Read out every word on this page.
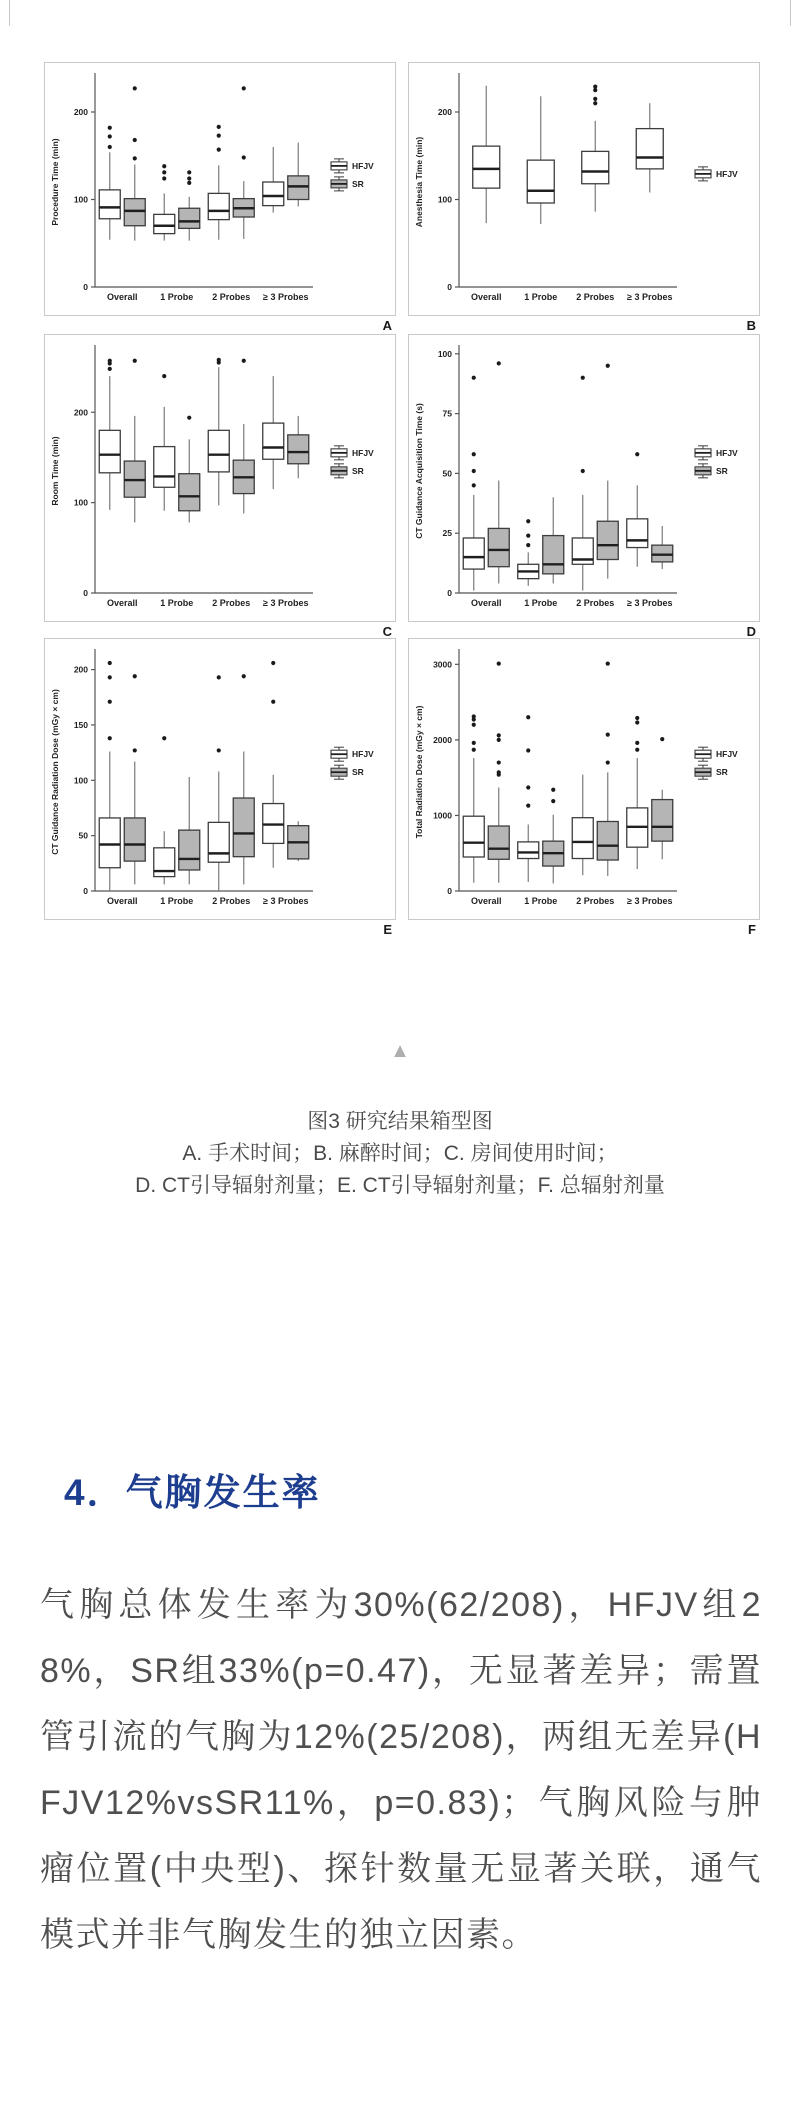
0
100
200
Procedure Time (min)
Overall	1 Probe 2 Probes ≥ 3 Probes
HFJV
SR
A
0
100
200
Anesthesia Time (min)
Overall	1 Probe 2 Probes ≥ 3 Probes
HFJV
B
0
100
200
Room Time (min)
Overall	1 Probe 2 Probes ≥ 3 Probes
HFJV
SR
C
0
25
50
75
100
CT Guidance Acquisition Time (s)
Overall	1 Probe 2 Probes ≥ 3 Probes
HFJV
SR
D
0
50
100
150
200
CT Guidance Radiation Dose (mGy × cm)
Overall	1 Probe 2 Probes ≥ 3 Probes
HFJV
SR
E
0
1000
2000
3000
Total Radiation Dose (mGy × cm)
Overall	1 Probe 2 Probes ≥ 3 Probes
HFJV
SR
F
▲
图3 研究结果箱型图
A. 手术时间；B. 麻醉时间；C. 房间使用时间；
D. CT引导辐射剂量；E. CT引导辐射剂量；F. 总辐射剂量
4．气胸发生率

气胸总体发生率为30%(62/208)，HFJV组28%，SR组33%(p=0.47)，无显著差异；需置管引流的气胸为12%(25/208)，两组无差异(HFJV12%vsSR11%，p=0.83)；气胸风险与肿瘤位置(中央型)、探针数量无显著关联，通气模式并非气胸发生的独立因素。
